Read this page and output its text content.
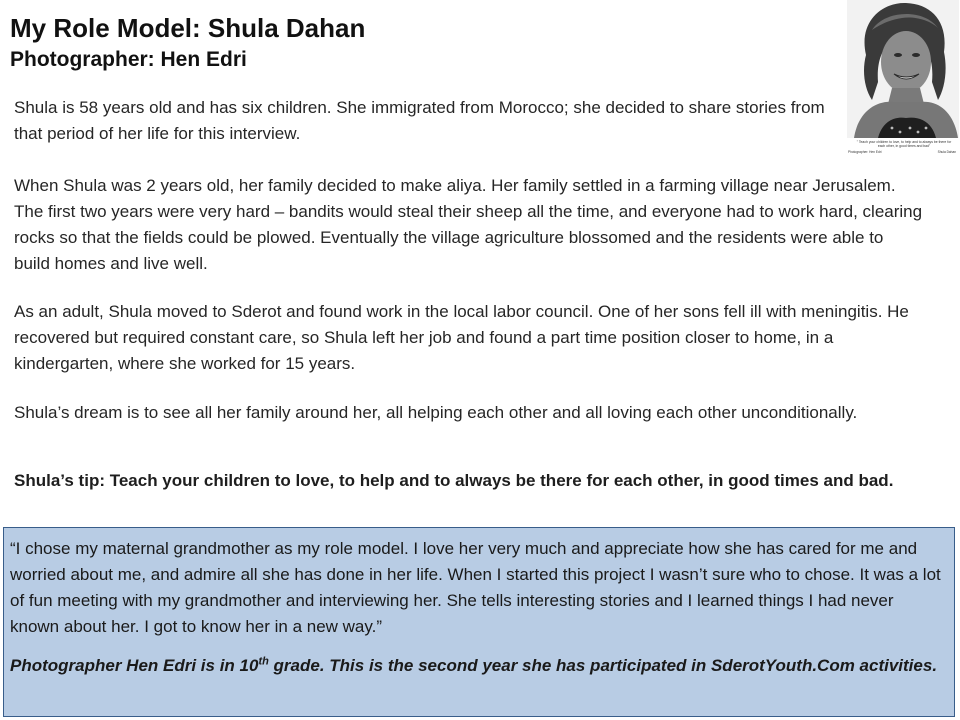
My Role Model: Shula Dahan
Photographer: Hen Edri
" Teach your children to love, to help and to always be there for
each other, in good times and bad"
Photographer: Hen Edri	Shula Dahan

Shula is 58 years old and has six children. She immigrated from Morocco; she decided to share stories from that period of her life for this interview.

When Shula was 2 years old, her family decided to make aliya. Her family settled in a farming village near Jerusalem. The first two years were very hard – bandits would steal their sheep all the time, and everyone had to work hard, clearing rocks so that the fields could be plowed. Eventually the village agriculture blossomed and the residents were able to build homes and live well.

As an adult, Shula moved to Sderot and found work in the local labor council. One of her sons fell ill with meningitis. He recovered but required constant care, so Shula left her job and found a part time position closer to home, in a kindergarten, where she worked for 15 years.

Shula’s dream is to see all her family around her, all helping each other and all loving each other unconditionally.

Shula’s tip: Teach your children to love, to help and to always be there for each other, in good times and bad.

“I chose my maternal grandmother as my role model. I love her very much and appreciate how she has cared for me and worried about me, and admire all she has done in her life. When I started this project I wasn’t sure who to chose. It was a lot of fun meeting with my grandmother and interviewing her. She tells interesting stories and I learned things I had never known about her. I got to know her in a new way.”

Photographer Hen Edri is in 10th grade. This is the second year she has participated in SderotYouth.Com activities.
